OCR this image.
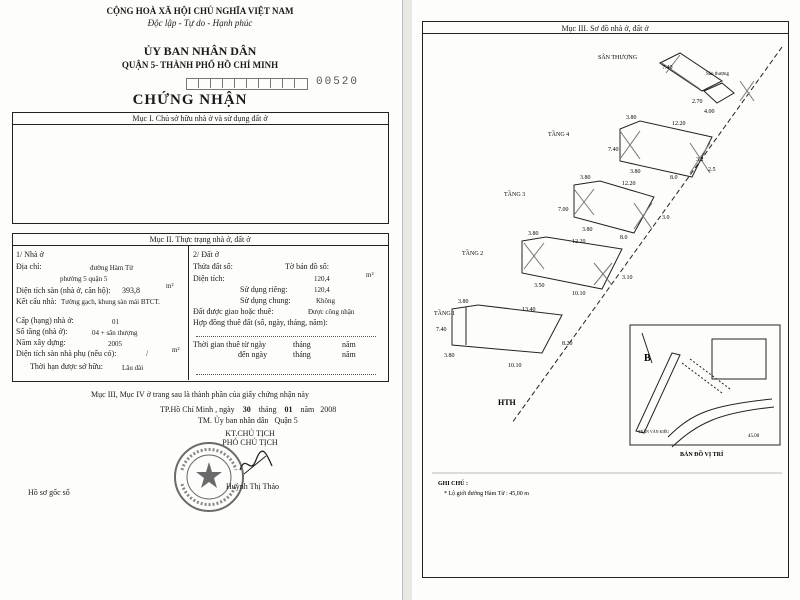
CỘNG HOÀ XÃ HỘI CHỦ NGHĨA VIỆT NAM
Độc lập - Tự do - Hạnh phúc
ỦY BAN NHÂN DÂN
QUẬN 5- THÀNH PHỐ HỒ CHÍ MINH
00520
CHỨNG NHẬN
Mục I. Chủ sở hữu nhà ở và sử dụng đất ở
Mục II. Thực trạng nhà ở, đất ở
1/ Nhà ở
Địa chỉ:	đường Hàm Tử
phường 5 quận 5
Diện tích sàn (nhà ở, căn hộ): 393,8	m²
Kết cấu nhà: Tường gạch, khung sàn mái BTCT.
Cấp (hạng) nhà ở:	01
Số tầng (nhà ở):	04 + sân thượng
Năm xây dựng:	2005
Diện tích sàn nhà phụ (nếu có):	/	m²
Thời hạn được sở hữu:	Lâu dài
2/ Đất ở
Thửa đất số:	Tờ bản đồ số:
Diện tích:	120,4	m²
Sử dụng riêng:	120,4
Sử dụng chung:	Không
Đất được giao hoặc thuê:	Được công nhận
Hợp đồng thuê đất (số, ngày, tháng, năm):
Thời gian thuê từ ngày	tháng	năm
đến ngày	tháng	năm
Mục III, Mục IV ở trang sau là thành phần của giấy chứng nhận này
TP.Hồ Chí Minh , ngày 30 tháng 01 năm 2008
TM. Ủy ban nhân dân Quận 5
KT.CHỦ TỊCH
PHÓ CHỦ TỊCH
Huỳnh Thị Thảo
Hồ sơ gốc số
Mục III. Sơ đồ nhà ở, đất ở
SÂN THƯỢNG
TẦNG 4
TẦNG 3
TẦNG 2
TẦNG 1
Sân thượng
7.40
2.70
4.00
3.80
12.20
7.40
3.80
8.0
3.2
2.5
3.80
12.20
7.00
3.80
8.0
3.0
3.80
12.20
3.50
10.10
3.10
7.40
3.80
13.40
3.80
10.10
8.20
HTH
45.00
B
TRẦN VĂN KIỂU
BẢN ĐỒ VỊ TRÍ
GHI CHÚ :
* Lộ giới đường Hàm Tử : 45,00 m
